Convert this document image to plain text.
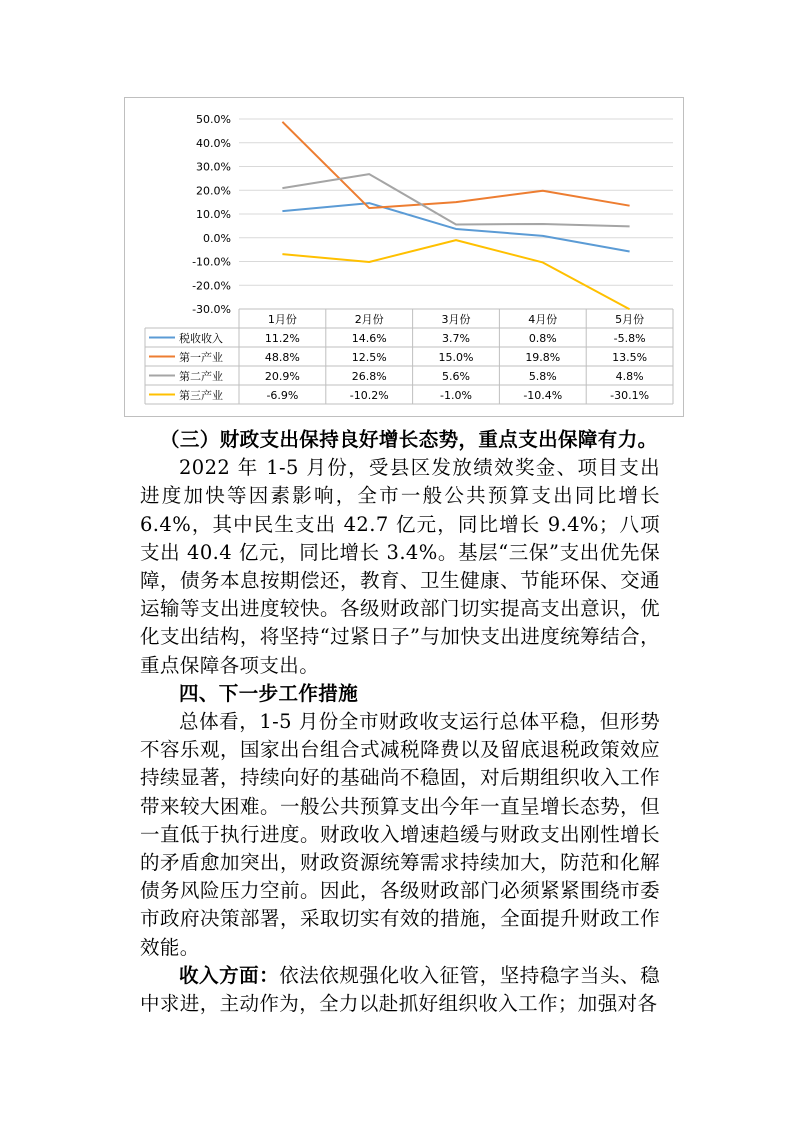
50.0%
40.0%
30.0%
20.0%
10.0%
0.0%
-10.0%
-20.0%
-30.0%
1月份	2月份	3月份	4月份	5月份
税收收入	11.2%	14.6%	3.7%	0.8%	-5.8%
第一产业	48.8%	12.5%	15.0%	19.8%	13.5%
第二产业	20.9%	26.8%	5.6%	5.8%	4.8%
第三产业	-6.9%	-10.2%	-1.0%	-10.4%	-30.1%

（三）财政支出保持良好增长态势，重点支出保障有力。

2022 年 1-5 月份，受县区发放绩效奖金、项目支出进度加快等因素影响，全市一般公共预算支出同比增长 6.4%，其中民生支出 42.7 亿元，同比增长 9.4%；八项支出 40.4 亿元，同比增长 3.4%。基层“三保”支出优先保障，债务本息按期偿还，教育、卫生健康、节能环保、交通运输等支出进度较快。各级财政部门切实提高支出意识，优化支出结构，将坚持“过紧日子”与加快支出进度统筹结合，重点保障各项支出。

四、下一步工作措施

总体看，1-5 月份全市财政收支运行总体平稳，但形势不容乐观，国家出台组合式减税降费以及留底退税政策效应持续显著，持续向好的基础尚不稳固，对后期组织收入工作带来较大困难。一般公共预算支出今年一直呈增长态势，但一直低于执行进度。财政收入增速趋缓与财政支出刚性增长的矛盾愈加突出，财政资源统筹需求持续加大，防范和化解债务风险压力空前。因此，各级财政部门必须紧紧围绕市委市政府决策部署，采取切实有效的措施，全面提升财政工作效能。

收入方面：依法依规强化收入征管，坚持稳字当头、稳中求进，主动作为，全力以赴抓好组织收入工作；加强对各
